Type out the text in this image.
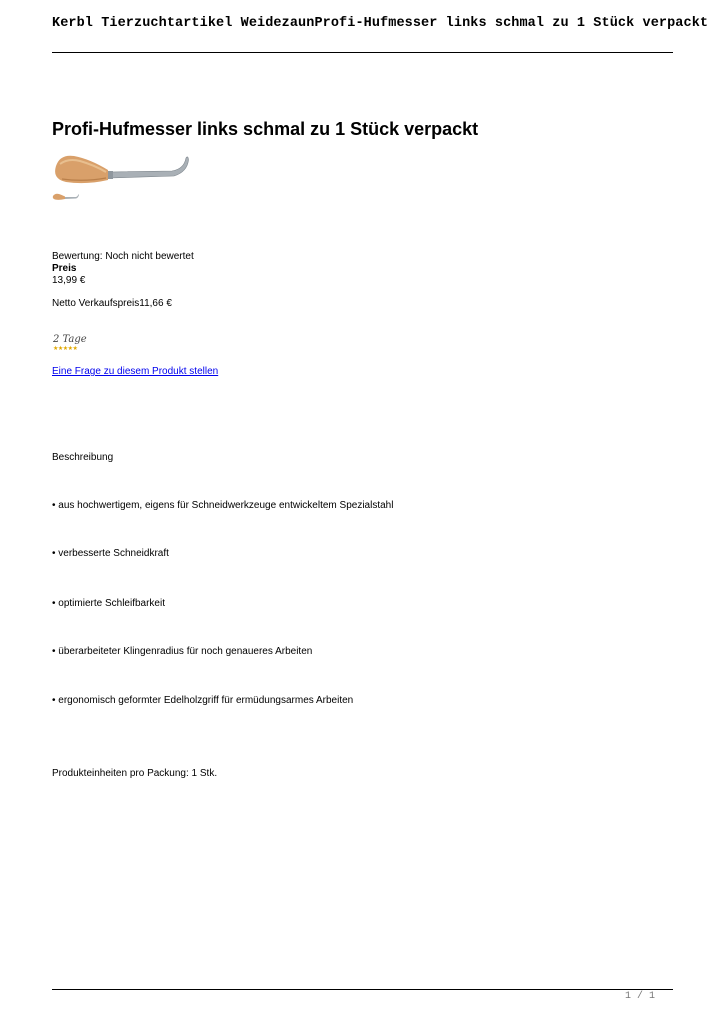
Kerbl Tierzuchtartikel WeidezaunProfi-Hufmesser links schmal zu 1 Stück verpackt
Profi-Hufmesser links schmal zu 1 Stück verpackt
Bewertung: Noch nicht bewertet
Preis
13,99 €
Netto Verkaufspreis11,66 €
2 Tage
★★★★★
Eine Frage zu diesem Produkt stellen
Beschreibung
• aus hochwertigem, eigens für Schneidwerkzeuge entwickeltem Spezialstahl
• verbesserte Schneidkraft
• optimierte Schleifbarkeit
• überarbeiteter Klingenradius für noch genaueres Arbeiten
• ergonomisch geformter Edelholzgriff für ermüdungsarmes Arbeiten
Produkteinheiten pro Packung: 1 Stk.
1 / 1
